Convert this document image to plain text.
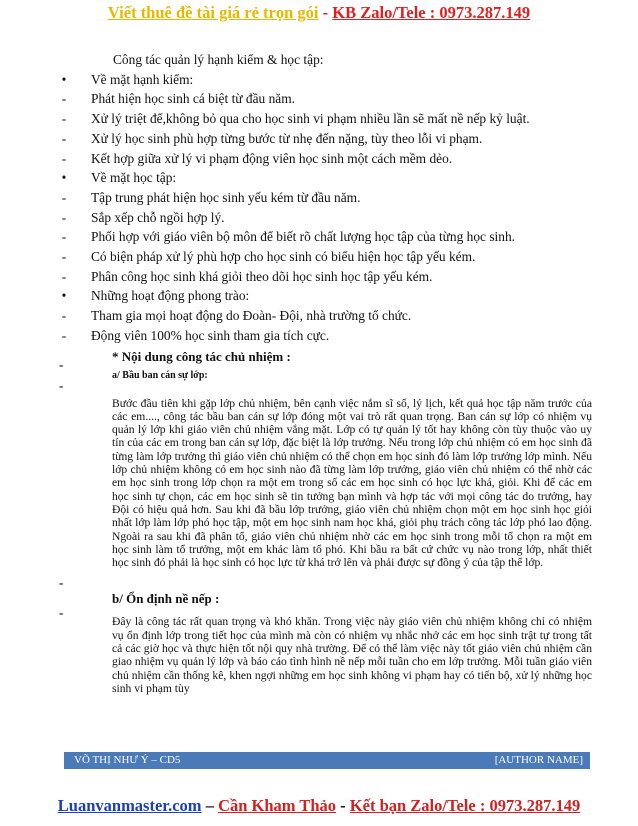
Viết thuê đề tài giá rẻ trọn gói - KB Zalo/Tele : 0973.287.149
Công tác quản lý hạnh kiểm & học tập:
• Về mặt hạnh kiểm:
- Phát hiện học sinh cá biệt từ đầu năm.
- Xử lý triệt để,không bỏ qua cho học sinh vi phạm nhiều lần sẽ mất nề nếp kỷ luật.
- Xử lý học sinh phù hợp từng bước từ nhẹ đến nặng, tùy theo lỗi vi phạm.
- Kết hợp giữa xử lý vi phạm động viên học sinh một cách mềm dẻo.
• Về mặt học tập:
- Tập trung phát hiện học sinh yếu kém từ đầu năm.
- Sắp xếp chỗ ngồi hợp lý.
- Phối hợp với giáo viên bộ môn để biết rõ chất lượng học tập của từng học sinh.
- Có biện pháp xử lý phù hợp cho học sinh có biểu hiện học tập yếu kém.
- Phân công học sinh khá giỏi theo dõi học sinh học tập yếu kém.
• Những hoạt động phong trào:
- Tham gia mọi hoạt động do Đoàn- Đội, nhà trường tổ chức.
- Động viên 100% học sinh tham gia tích cực.
-
* Nội dung công tác chủ nhiệm :
-
a/ Bầu ban cán sự lớp:
Bước đầu tiên khi gặp lớp chủ nhiệm, bên cạnh việc nắm sĩ số, lý lịch, kết quả học tập năm trước của các em...., công tác bầu ban cán sự lớp đóng một vai trò rất quan trọng. Ban cán sự lớp có nhiệm vụ quản lý lớp khi giáo viên chủ nhiệm vắng mặt. Lớp có tự quản lý tốt hay không còn tùy thuộc vào uy tín của các em trong ban cán sự lớp, đặc biệt là lớp trưởng. Nếu trong lớp chủ nhiệm có em học sinh đã từng làm lớp trưởng thì giáo viên chủ nhiệm có thể chọn em học sinh đó làm lớp trưởng lớp mình. Nếu lớp chủ nhiệm không có em học sinh nào đã từng làm lớp trưởng, giáo viên chủ nhiệm có thể nhờ các em học sinh trong lớp chọn ra một em trong số các em học sinh có học lực khá, giỏi. Khi để các em học sinh tự chọn, các em học sinh sẽ tin tưởng bạn mình và hợp tác với mọi công tác do trưởng, hay Đội có hiệu quả hơn. Sau khi đã bầu lớp trưởng, giáo viên chủ nhiệm chọn một em học sinh học giỏi nhất lớp làm lớp phó học tập, một em học sinh nam học khá, giỏi phụ trách công tác lớp phó lao động. Ngoài ra sau khi đã phân tổ, giáo viên chủ nhiệm nhờ các em học sinh trong mỗi tổ chọn ra một em học sinh làm tổ trưởng, một em khác làm tổ phó. Khi bầu ra bất cứ chức vụ nào trong lớp, nhất thiết học sinh đó phải là học sinh có học lực từ khá trở lên và phải được sự đồng ý của tập thể lớp.
-
-
b/ Ổn định nề nếp :
Đây là công tác rất quan trọng và khó khăn. Trong việc này giáo viên chủ nhiệm không chỉ có nhiệm vụ ổn định lớp trong tiết học của mình mà còn có nhiệm vụ nhắc nhở các em học sinh trật tự trong tất cả các giờ học và thực hiện tốt nội quy nhà trường. Để có thể làm việc này tốt giáo viên chủ nhiệm cần giao nhiệm vụ quản lý lớp và báo cáo tình hình nề nếp mỗi tuần cho em lớp trưởng. Mỗi tuần giáo viên chủ nhiệm cần thống kê, khen ngợi những em học sinh không vi phạm hay có tiến bộ, xử lý những học sinh vi phạm tùy
VÕ THỊ NHƯ Ý – CD5	[AUTHOR NAME]
Luanvanmaster.com – Cần Kham Thảo - Kết bạn Zalo/Tele : 0973.287.149
